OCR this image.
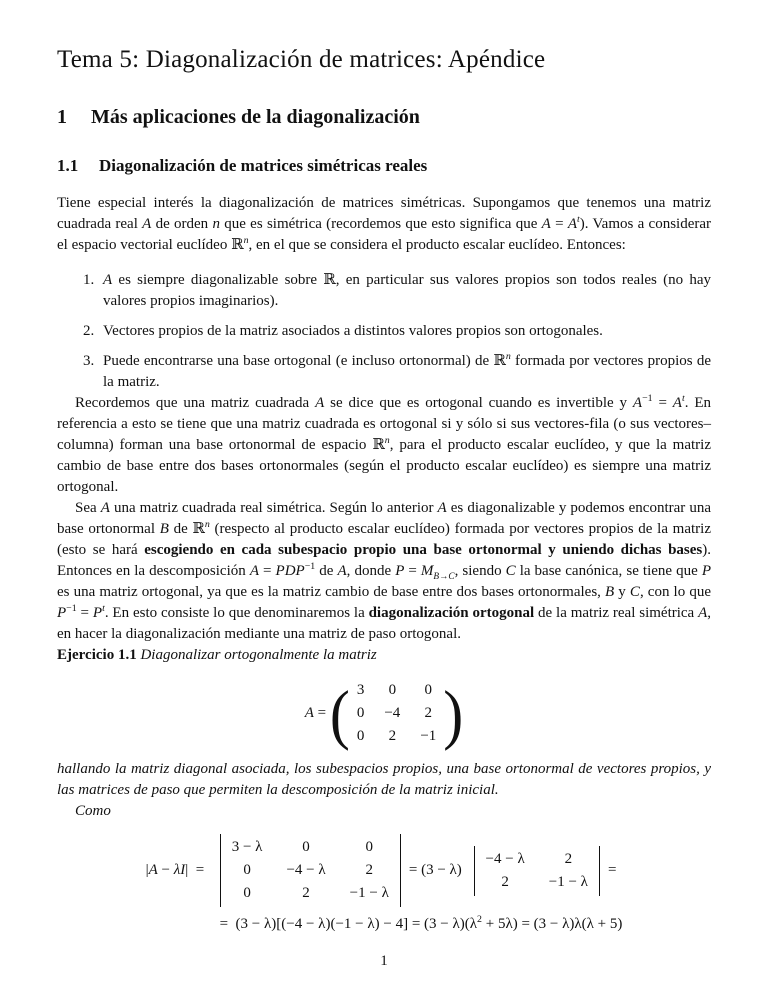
Tema 5: Diagonalización de matrices: Apéndice
1	Más aplicaciones de la diagonalización
1.1	Diagonalización de matrices simétricas reales

Tiene especial interés la diagonalización de matrices simétricas. Supongamos que tenemos una matriz cuadrada real A de orden n que es simétrica (recordemos que esto significa que $A = A^t$). Vamos a considerar el espacio vectorial euclídeo ℝ$^n$, en el que se considera el producto escalar euclídeo. Entonces:

1. A es siempre diagonalizable sobre ℝ, en particular sus valores propios son todos reales (no hay valores propios imaginarios).
2. Vectores propios de la matriz asociados a distintos valores propios son ortogonales.
3. Puede encontrarse una base ortogonal (e incluso ortonormal) de ℝ$^n$ formada por vectores propios de la matriz.

Recordemos que una matriz cuadrada A se dice que es ortogonal cuando es invertible y $A^{-1} = A^t$. En referencia a esto se tiene que una matriz cuadrada es ortogonal si y sólo si sus vectores-fila (o sus vectores–columna) forman una base ortonormal de espacio ℝ$^n$, para el producto escalar euclídeo, y que la matriz cambio de base entre dos bases ortonormales (según el producto escalar euclídeo) es siempre una matriz ortogonal.

Sea A una matriz cuadrada real simétrica. Según lo anterior A es diagonalizable y podemos encontrar una base ortonormal B de ℝ$^n$ (respecto al producto escalar euclídeo) formada por vectores propios de la matriz (esto se hará escogiendo en cada subespacio propio una base ortonormal y uniendo dichas bases). Entonces en la descomposición $A = PDP^{-1}$ de A, donde $P = M_{B\to C}$, siendo C la base canónica, se tiene que P es una matriz ortogonal, ya que es la matriz cambio de base entre dos bases ortonormales, B y C, con lo que $P^{-1} = P^t$. En esto consiste lo que denominaremos la diagonalización ortogonal de la matriz real simétrica A, en hacer la diagonalización mediante una matriz de paso ortogonal.

Ejercicio 1.1 Diagonalizar ortogonalmente la matriz

A = ( 3 0 0
0 −4 2
0 2 −1 )

hallando la matriz diagonal asociada, los subespacios propios, una base ortonormal de vectores propios, y las matrices de paso que permiten la descomposición de la matriz inicial.

Como

|A − λI|  =
3 − λ	0	0
0	−4 − λ	2
0	2	−1 − λ
= (3 − λ)
−4 − λ	2
2	−1 − λ
=
=  $(3 - \lambda)[(-4 - \lambda)(-1 - \lambda) - 4] = (3 - \lambda)(\lambda^2 + 5\lambda) = (3 - \lambda)\lambda(\lambda + 5)$
1
